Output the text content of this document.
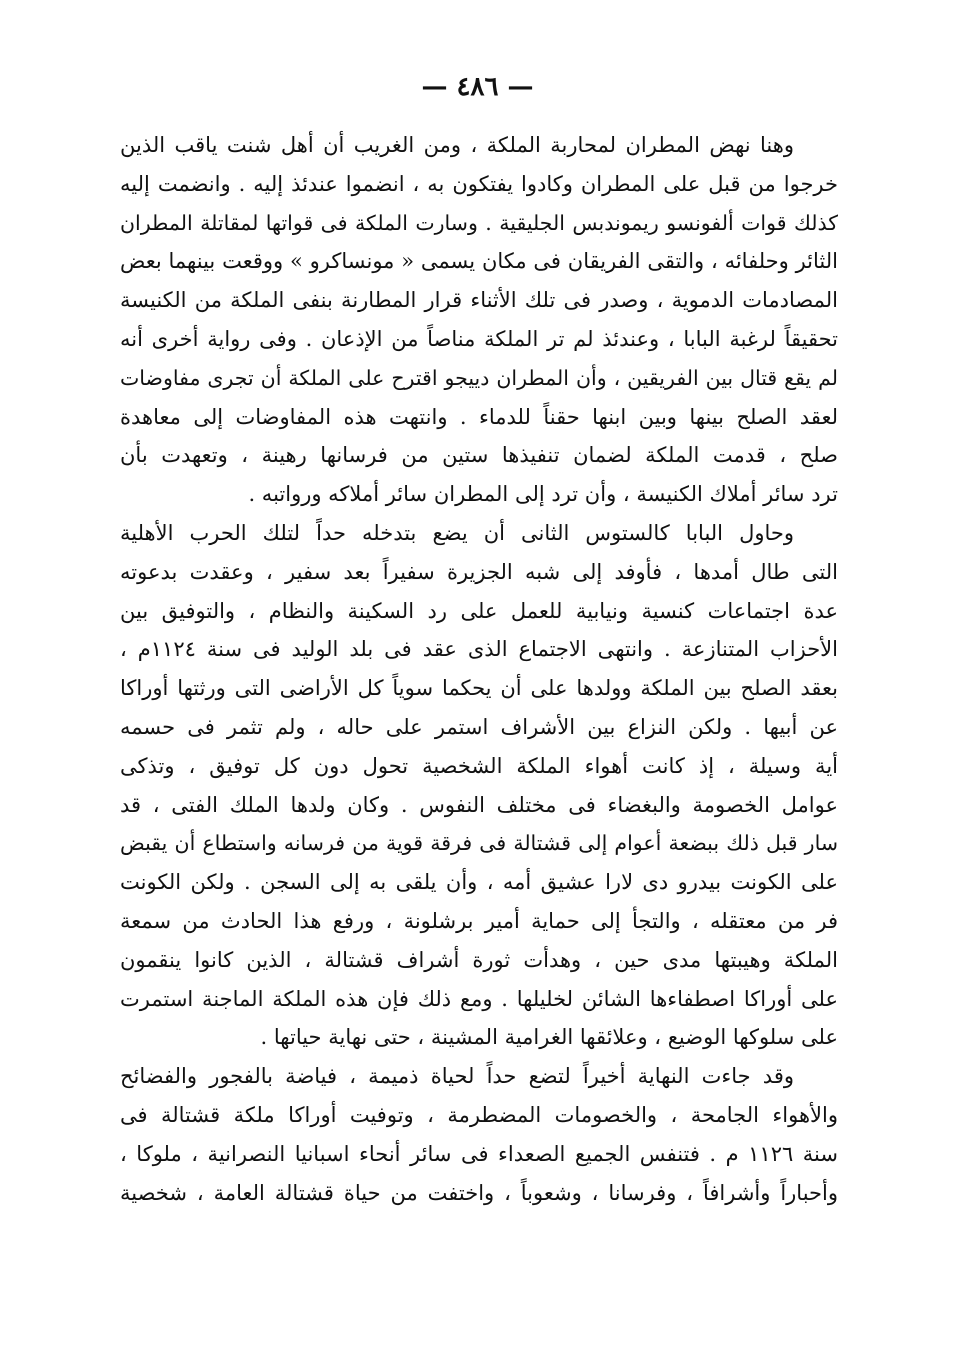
— ٤٨٦ —
وهنا نهض المطران لمحاربة الملكة ، ومن الغريب أن أهل شنت ياقب الذين
خرجوا من قبل على المطران وكادوا يفتكون به ، انضموا عندئذ إليه . وانضمت إليه
كذلك قوات ألفونسو ريموندبس الجليقية . وسارت الملكة فى قواتها لمقاتلة المطران
الثائر وحلفائه ، والتقى الفريقان فى مكان يسمى « مونساكرو » ووقعت بينهما بعض
المصادمات الدموية ، وصدر فى تلك الأثناء قرار المطارنة بنفى الملكة من الكنيسة
تحقيقاً لرغبة البابا ، وعندئذ لم تر الملكة مناصاً من الإذعان . وفى رواية أخرى أنه
لم يقع قتال بين الفريقين ، وأن المطران دييجو اقترح على الملكة أن تجرى مفاوضات
لعقد الصلح بينها وبين ابنها حقناً للدماء . وانتهت هذه المفاوضات إلى معاهدة
صلح ، قدمت الملكة لضمان تنفيذها ستين من فرسانها رهينة ، وتعهدت بأن
ترد سائر أملاك الكنيسة ، وأن ترد إلى المطران سائر أملاكه ورواتبه .
وحاول البابا كالستوس الثانى أن يضع بتدخله حداً لتلك الحرب الأهلية
التى طال أمدها ، فأوفد إلى شبه الجزيرة سفيراً بعد سفير ، وعقدت بدعوته
عدة اجتماعات كنسية ونيابية للعمل على رد السكينة والنظام ، والتوفيق بين
الأحزاب المتنازعة . وانتهى الاجتماع الذى عقد فى بلد الوليد فى سنة ١١٢٤م ،
بعقد الصلح بين الملكة وولدها على أن يحكما سوياً كل الأراضى التى ورثتها أوراكا
عن أبيها . ولكن النزاع بين الأشراف استمر على حاله ، ولم تثمر فى حسمه
أية وسيلة ، إذ كانت أهواء الملكة الشخصية تحول دون كل توفيق ، وتذكى
عوامل الخصومة والبغضاء فى مختلف النفوس . وكان ولدها الملك الفتى ، قد
سار قبل ذلك ببضعة أعوام إلى قشتالة فى فرقة قوية من فرسانه واستطاع أن يقبض
على الكونت بيدرو دى لارا عشيق أمه ، وأن يلقى به إلى السجن . ولكن الكونت
فر من معتقله ، والتجأ إلى حماية أمير برشلونة ، ورفع هذا الحادث من سمعة
الملكة وهيبتها مدى حين ، وهدأت ثورة أشراف قشتالة ، الذين كانوا ينقمون
على أوراكا اصطفاءها الشائن لخليلها . ومع ذلك فإن هذه الملكة الماجنة استمرت
على سلوكها الوضيع ، وعلائقها الغرامية المشينة ، حتى نهاية حياتها .
وقد جاءت النهاية أخيراً لتضع حداً لحياة ذميمة ، فياضة بالفجور والفضائح
والأهواء الجامحة ، والخصومات المضطرمة ، وتوفيت أوراكا ملكة قشتالة فى
سنة ١١٢٦ م . فتنفس الجميع الصعداء فى سائر أنحاء اسبانيا النصرانية ، ملوكا ،
وأحباراً وأشرافاً ، وفرسانا ، وشعوباً ، واختفت من حياة قشتالة العامة ، شخصية
